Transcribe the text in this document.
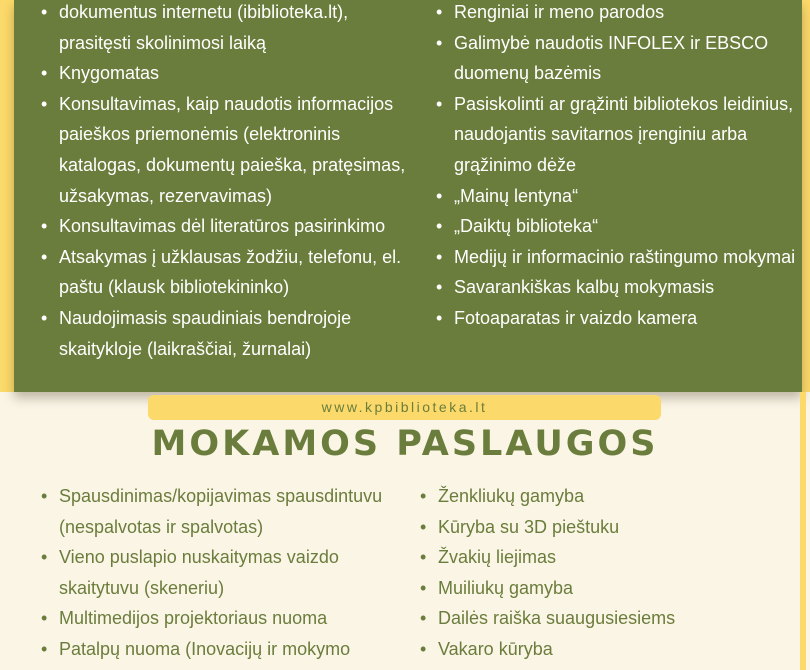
• dokumentus internetu (ibiblioteka.lt), prasitęsti skolinimosi laiką
• Knygomatas
• Konsultavimas, kaip naudotis informacijos paieškos priemonėmis (elektroninis katalogas, dokumentų paieška, pratęsimas, užsakymas, rezervavimas)
• Konsultavimas dėl literatūros pasirinkimo
• Atsakymas į užklausas žodžiu, telefonu, el. paštu (klausk bibliotekininko)
• Naudojimasis spaudiniais bendrojoje skaitykloje (laikraščiai, žurnalai)
• Renginiai ir meno parodos
• Galimybė naudotis INFOLEX ir EBSCO duomenų bazėmis
• Pasiskolinti ar grąžinti bibliotekos leidinius, naudojantis savitarnos įrenginiu arba grąžinimo dėže
• „Mainų lentyna“
• „Daiktų biblioteka“
• Medijų ir informacinio raštingumo mokymai
• Savarankiškas kalbų mokymasis
• Fotoaparatas ir vaizdo kamera
www.kpbiblioteka.lt
MOKAMOS PASLAUGOS
• Spausdinimas/kopijavimas spausdintuvu (nespalvotas ir spalvotas)
• Vieno puslapio nuskaitymas vaizdo skaitytuvu (skeneriu)
• Multimedijos projektoriaus nuoma
• Patalpų nuoma (Inovacijų ir mokymo
• Ženkliukų gamyba
• Kūryba su 3D pieštuku
• Žvakių liejimas
• Muiliukų gamyba
• Dailės raiška suaugusiesiems
• Vakaro kūryba
